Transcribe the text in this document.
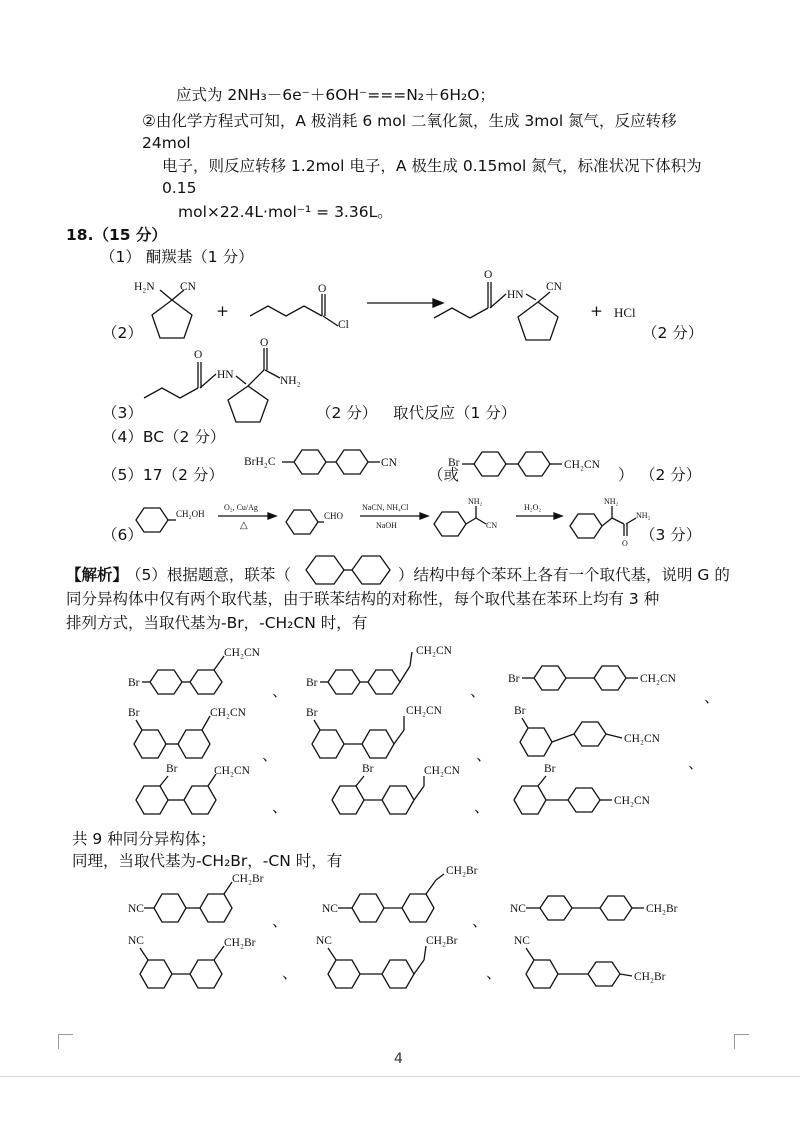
应式为 2NH₃－6e⁻＋6OH⁻===N₂＋6H₂O；
②由化学方程式可知，A 极消耗 6 mol 二氧化氮，生成 3mol 氮气，反应转移
24mol
电子，则反应转移 1.2mol 电子，A 极生成 0.15mol 氮气，标准状况下体积为
0.15
mol×22.4L·mol⁻¹ = 3.36L。
18.（15 分）
（1） 酮羰基（1 分）
（2）
H₂N CN
+
O
Cl
O
HN
CN
+ HCl
（2 分）
（3）
O
HN
O
NH₂
（2 分） 取代反应（1 分）
（4）BC（2 分）
（5）17（2 分）
BrH₂C	CN
（或
Br	CH₂CN
） （2 分）
（6）
CH₂OH
O₂, Cu/Ag
△
CHO
NaCN, NH₄Cl
NaOH
NH₂
CN
H₂O₂
NH₂
O
NH₂
（3 分）
【解析】
（5）根据题意，联苯（	）结构中每个苯环上各有一个取代基，说明 G 的
同分异构体中仅有两个取代基，由于联苯结构的对称性，每个取代基在苯环上均有 3 种
排列方式，当取代基为-Br，-CH₂CN 时，有
Br
CH₂CN
、 Br
CH₂CN
、
Br	CH₂CN
、
Br	CH₂CN
、
Br	CH₂CN
、
Br
CH₂CN
、
Br	CH₂CN
、
Br	CH₂CN
、
Br
CH₂CN
共 9 种同分异构体；
同理，当取代基为-CH₂Br，-CN 时，有
NC
CH₂Br
、
NC
CH₂Br
、
NC	CH₂Br
NC	CH₂Br
、
NC	CH₂Br
、
NC
CH₂Br
4
